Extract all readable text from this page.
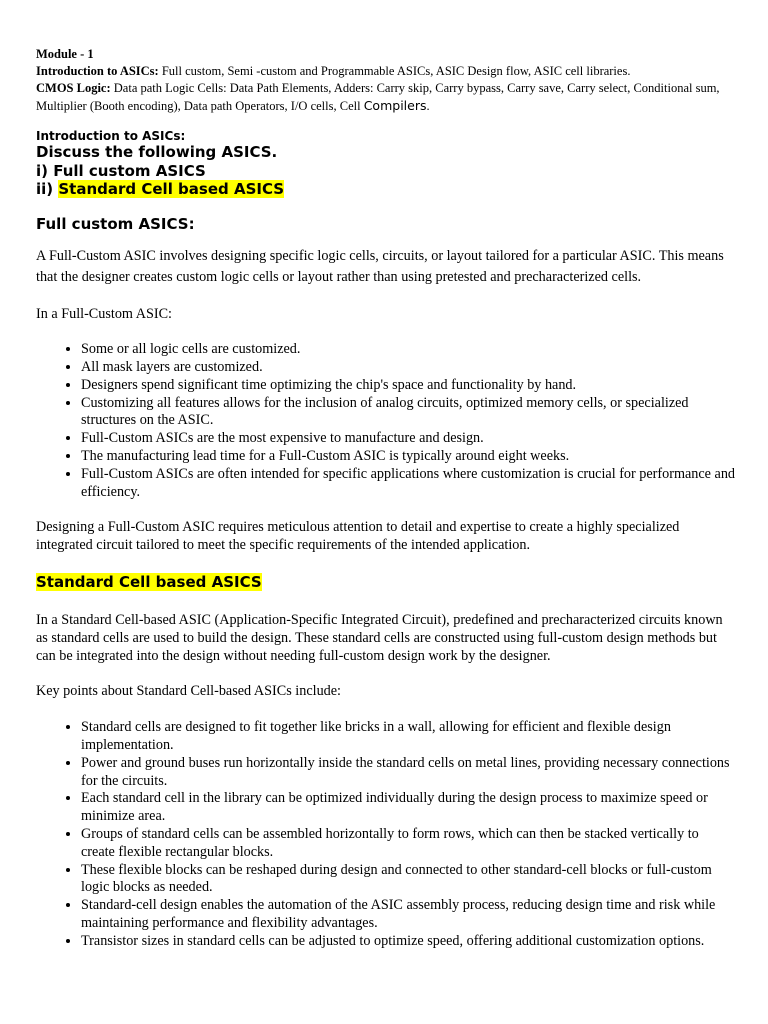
Module - 1
Introduction to ASICs: Full custom, Semi -custom and Programmable ASICs, ASIC Design flow, ASIC cell libraries.
CMOS Logic: Data path Logic Cells: Data Path Elements, Adders: Carry skip, Carry bypass, Carry save, Carry select, Conditional sum, Multiplier (Booth encoding), Data path Operators, I/O cells, Cell Compilers.

Introduction to ASICs:

Discuss the following ASICS.

i) Full custom ASICS

ii) Standard Cell based ASICS

Full custom ASICS:

A Full-Custom ASIC involves designing specific logic cells, circuits, or layout tailored for a particular ASIC. This means that the designer creates custom logic cells or layout rather than using pretested and precharacterized cells.

In a Full-Custom ASIC:

• Some or all logic cells are customized.
• All mask layers are customized.
• Designers spend significant time optimizing the chip's space and functionality by hand.
• Customizing all features allows for the inclusion of analog circuits, optimized memory cells, or specialized structures on the ASIC.
• Full-Custom ASICs are the most expensive to manufacture and design.
• The manufacturing lead time for a Full-Custom ASIC is typically around eight weeks.
• Full-Custom ASICs are often intended for specific applications where customization is crucial for performance and efficiency.

Designing a Full-Custom ASIC requires meticulous attention to detail and expertise to create a highly specialized integrated circuit tailored to meet the specific requirements of the intended application.

Standard Cell based ASICS

In a Standard Cell-based ASIC (Application-Specific Integrated Circuit), predefined and precharacterized circuits known as standard cells are used to build the design. These standard cells are constructed using full-custom design methods but can be integrated into the design without needing full-custom design work by the designer.

Key points about Standard Cell-based ASICs include:

• Standard cells are designed to fit together like bricks in a wall, allowing for efficient and flexible design implementation.
• Power and ground buses run horizontally inside the standard cells on metal lines, providing necessary connections for the circuits.
• Each standard cell in the library can be optimized individually during the design process to maximize speed or minimize area.
• Groups of standard cells can be assembled horizontally to form rows, which can then be stacked vertically to create flexible rectangular blocks.
• These flexible blocks can be reshaped during design and connected to other standard-cell blocks or full-custom logic blocks as needed.
• Standard-cell design enables the automation of the ASIC assembly process, reducing design time and risk while maintaining performance and flexibility advantages.
• Transistor sizes in standard cells can be adjusted to optimize speed, offering additional customization options.
